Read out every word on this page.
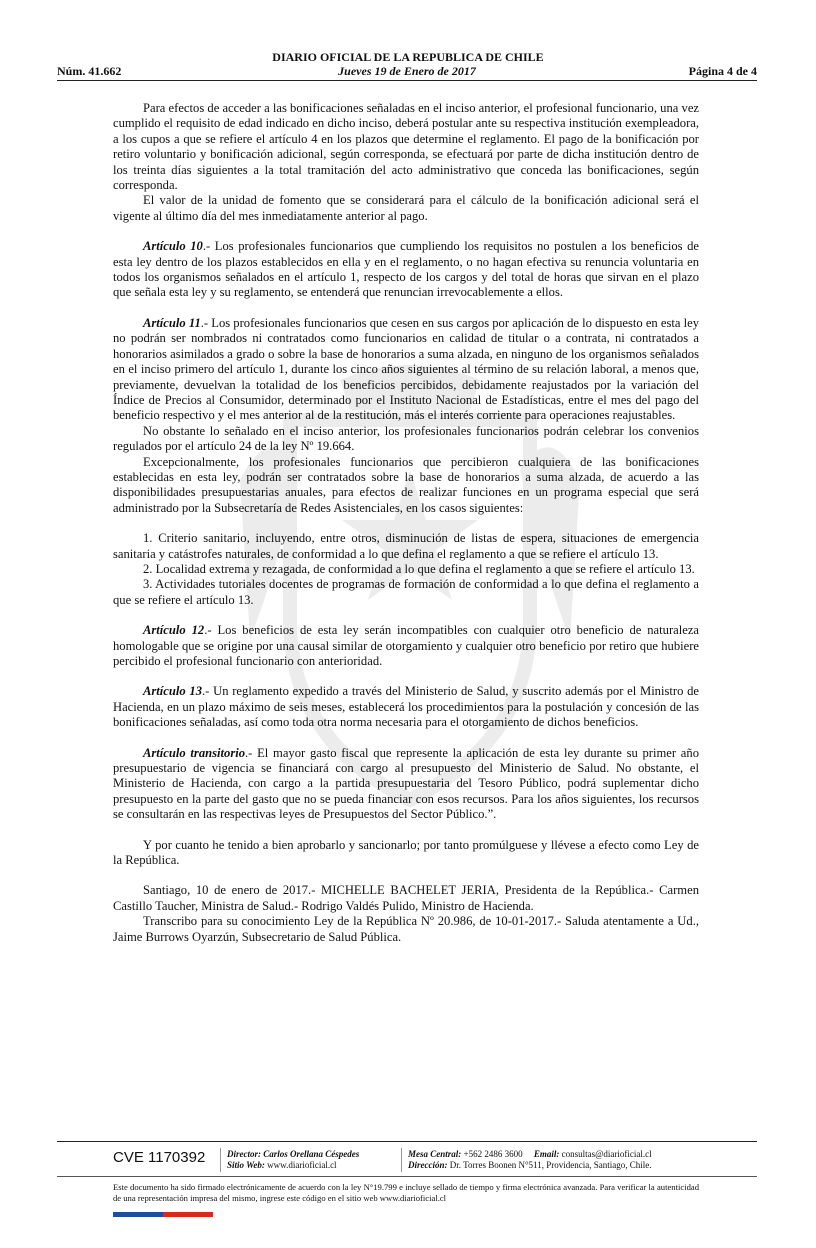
DIARIO OFICIAL DE LA REPUBLICA DE CHILE
Jueves 19 de Enero de 2017
Núm. 41.662	Página 4 de 4

Para efectos de acceder a las bonificaciones señaladas en el inciso anterior, el profesional funcionario, una vez cumplido el requisito de edad indicado en dicho inciso, deberá postular ante su respectiva institución exempleadora, a los cupos a que se refiere el artículo 4 en los plazos que determine el reglamento. El pago de la bonificación por retiro voluntario y bonificación adicional, según corresponda, se efectuará por parte de dicha institución dentro de los treinta días siguientes a la total tramitación del acto administrativo que conceda las bonificaciones, según corresponda.

El valor de la unidad de fomento que se considerará para el cálculo de la bonificación adicional será el vigente al último día del mes inmediatamente anterior al pago.

Artículo 10.- Los profesionales funcionarios que cumpliendo los requisitos no postulen a los beneficios de esta ley dentro de los plazos establecidos en ella y en el reglamento, o no hagan efectiva su renuncia voluntaria en todos los organismos señalados en el artículo 1, respecto de los cargos y del total de horas que sirvan en el plazo que señala esta ley y su reglamento, se entenderá que renuncian irrevocablemente a ellos.

Artículo 11.- Los profesionales funcionarios que cesen en sus cargos por aplicación de lo dispuesto en esta ley no podrán ser nombrados ni contratados como funcionarios en calidad de titular o a contrata, ni contratados a honorarios asimilados a grado o sobre la base de honorarios a suma alzada, en ninguno de los organismos señalados en el inciso primero del artículo 1, durante los cinco años siguientes al término de su relación laboral, a menos que, previamente, devuelvan la totalidad de los beneficios percibidos, debidamente reajustados por la variación del Índice de Precios al Consumidor, determinado por el Instituto Nacional de Estadísticas, entre el mes del pago del beneficio respectivo y el mes anterior al de la restitución, más el interés corriente para operaciones reajustables.

No obstante lo señalado en el inciso anterior, los profesionales funcionarios podrán celebrar los convenios regulados por el artículo 24 de la ley Nº 19.664.

Excepcionalmente, los profesionales funcionarios que percibieron cualquiera de las bonificaciones establecidas en esta ley, podrán ser contratados sobre la base de honorarios a suma alzada, de acuerdo a las disponibilidades presupuestarias anuales, para efectos de realizar funciones en un programa especial que será administrado por la Subsecretaría de Redes Asistenciales, en los casos siguientes:

1. Criterio sanitario, incluyendo, entre otros, disminución de listas de espera, situaciones de emergencia sanitaria y catástrofes naturales, de conformidad a lo que defina el reglamento a que se refiere el artículo 13.

2. Localidad extrema y rezagada, de conformidad a lo que defina el reglamento a que se refiere el artículo 13.

3. Actividades tutoriales docentes de programas de formación de conformidad a lo que defina el reglamento a que se refiere el artículo 13.

Artículo 12.- Los beneficios de esta ley serán incompatibles con cualquier otro beneficio de naturaleza homologable que se origine por una causal similar de otorgamiento y cualquier otro beneficio por retiro que hubiere percibido el profesional funcionario con anterioridad.

Artículo 13.- Un reglamento expedido a través del Ministerio de Salud, y suscrito además por el Ministro de Hacienda, en un plazo máximo de seis meses, establecerá los procedimientos para la postulación y concesión de las bonificaciones señaladas, así como toda otra norma necesaria para el otorgamiento de dichos beneficios.

Artículo transitorio.- El mayor gasto fiscal que represente la aplicación de esta ley durante su primer año presupuestario de vigencia se financiará con cargo al presupuesto del Ministerio de Salud. No obstante, el Ministerio de Hacienda, con cargo a la partida presupuestaria del Tesoro Público, podrá suplementar dicho presupuesto en la parte del gasto que no se pueda financiar con esos recursos. Para los años siguientes, los recursos se consultarán en las respectivas leyes de Presupuestos del Sector Público.”.

Y por cuanto he tenido a bien aprobarlo y sancionarlo; por tanto promúlguese y llévese a efecto como Ley de la República.

Santiago, 10 de enero de 2017.- MICHELLE BACHELET JERIA, Presidenta de la República.- Carmen Castillo Taucher, Ministra de Salud.- Rodrigo Valdés Pulido, Ministro de Hacienda.

Transcribo para su conocimiento Ley de la República Nº 20.986, de 10-01-2017.- Saluda atentamente a Ud., Jaime Burrows Oyarzún, Subsecretario de Salud Pública.

CVE 1170392 Director: Carlos Orellana Céspedes
Sitio Web: www.diarioficial.cl
Mesa Central: +562 2486 3600 Email: consultas@diarioficial.cl
Dirección: Dr. Torres Boonen N°511, Providencia, Santiago, Chile.
Este documento ha sido firmado electrónicamente de acuerdo con la ley N°19.799 e incluye sellado de tiempo y firma electrónica avanzada. Para verificar la autenticidad de una representación impresa del mismo, ingrese este código en el sitio web www.diarioficial.cl
